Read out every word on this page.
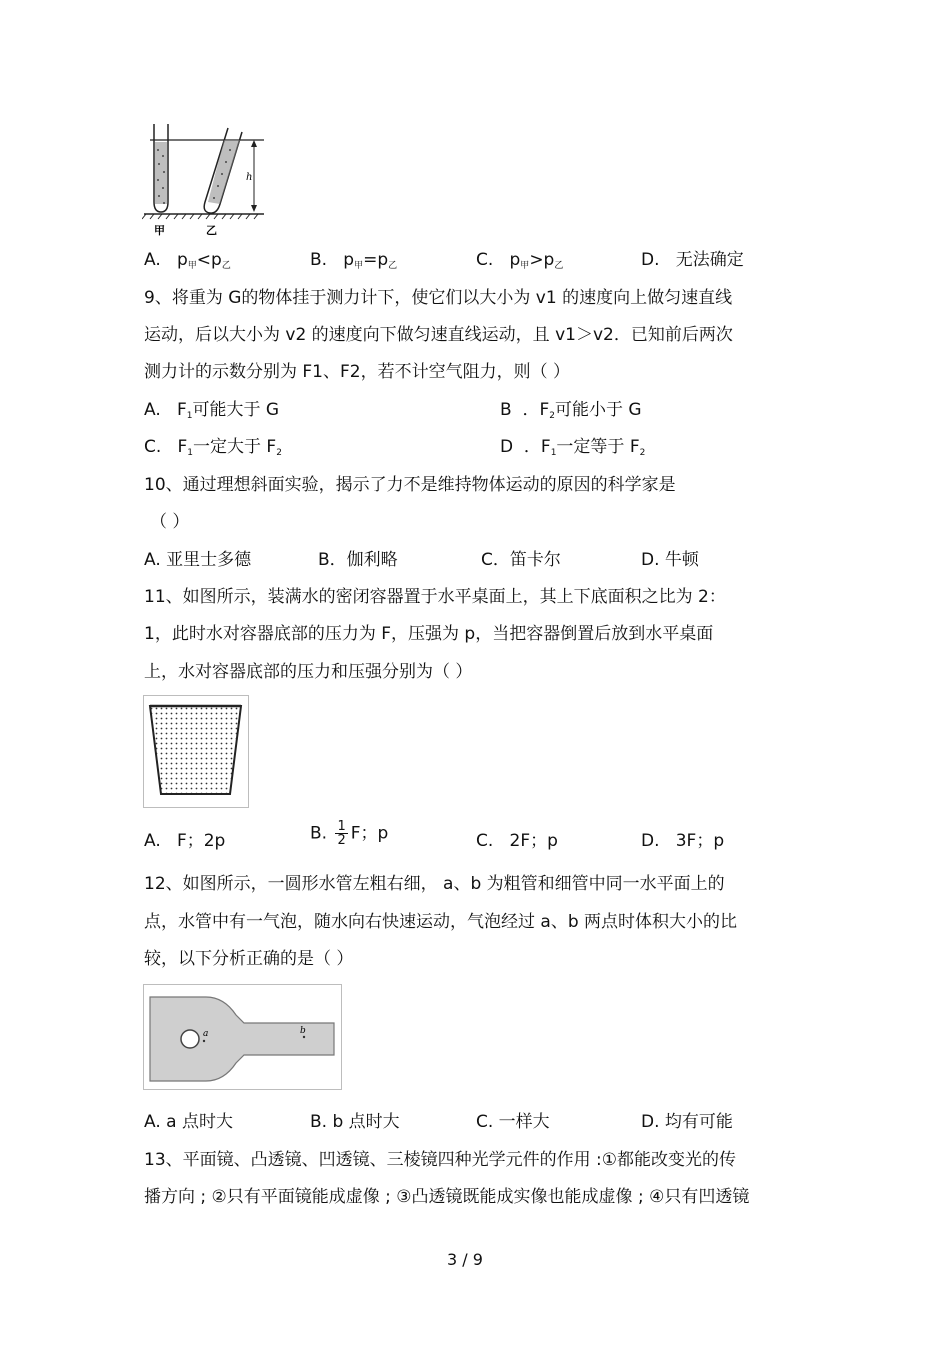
h
甲	乙
A. p甲<p乙	B. p甲=p乙	C. p甲>p乙	D. 无法确定
9、将重为 G的物体挂于测力计下，使它们以大小为 v1 的速度向上做匀速直线
运动，后以大小为 v2 的速度向下做匀速直线运动，且 v1＞v2．已知前后两次
测力计的示数分别为 F1、F2，若不计空气阻力，则（ ）
A. F1可能大于 G	B ．F2可能小于 G
C. F1一定大于 F2	D ．F1一定等于 F2
10、通过理想斜面实验，揭示了力不是维持物体运动的原因的科学家是
（ ）
A. 亚里士多德	B．伽利略	C．笛卡尔	D. 牛顿
11、如图所示，装满水的密闭容器置于水平桌面上，其上下底面积之比为 2：
1，此时水对容器底部的压力为 F，压强为 p，当把容器倒置后放到水平桌面
上，水对容器底部的压力和压强分别为（ ）
A. F；2p	B. $\frac{1}{2}$ F；p	C. 2F；p	D. 3F；p
12、如图所示，一圆形水管左粗右细， a、b 为粗管和细管中同一水平面上的
点，水管中有一气泡，随水向右快速运动，气泡经过 a、b 两点时体积大小的比
较，以下分析正确的是（ ）
a	b
A. a 点时大	B. b 点时大	C. 一样大	D. 均有可能
13、平面镜、凸透镜、凹透镜、三棱镜四种光学元件的作用 :①都能改变光的传
播方向 ; ②只有平面镜能成虚像 ; ③凸透镜既能成实像也能成虚像 ; ④只有凹透镜
3 / 9
